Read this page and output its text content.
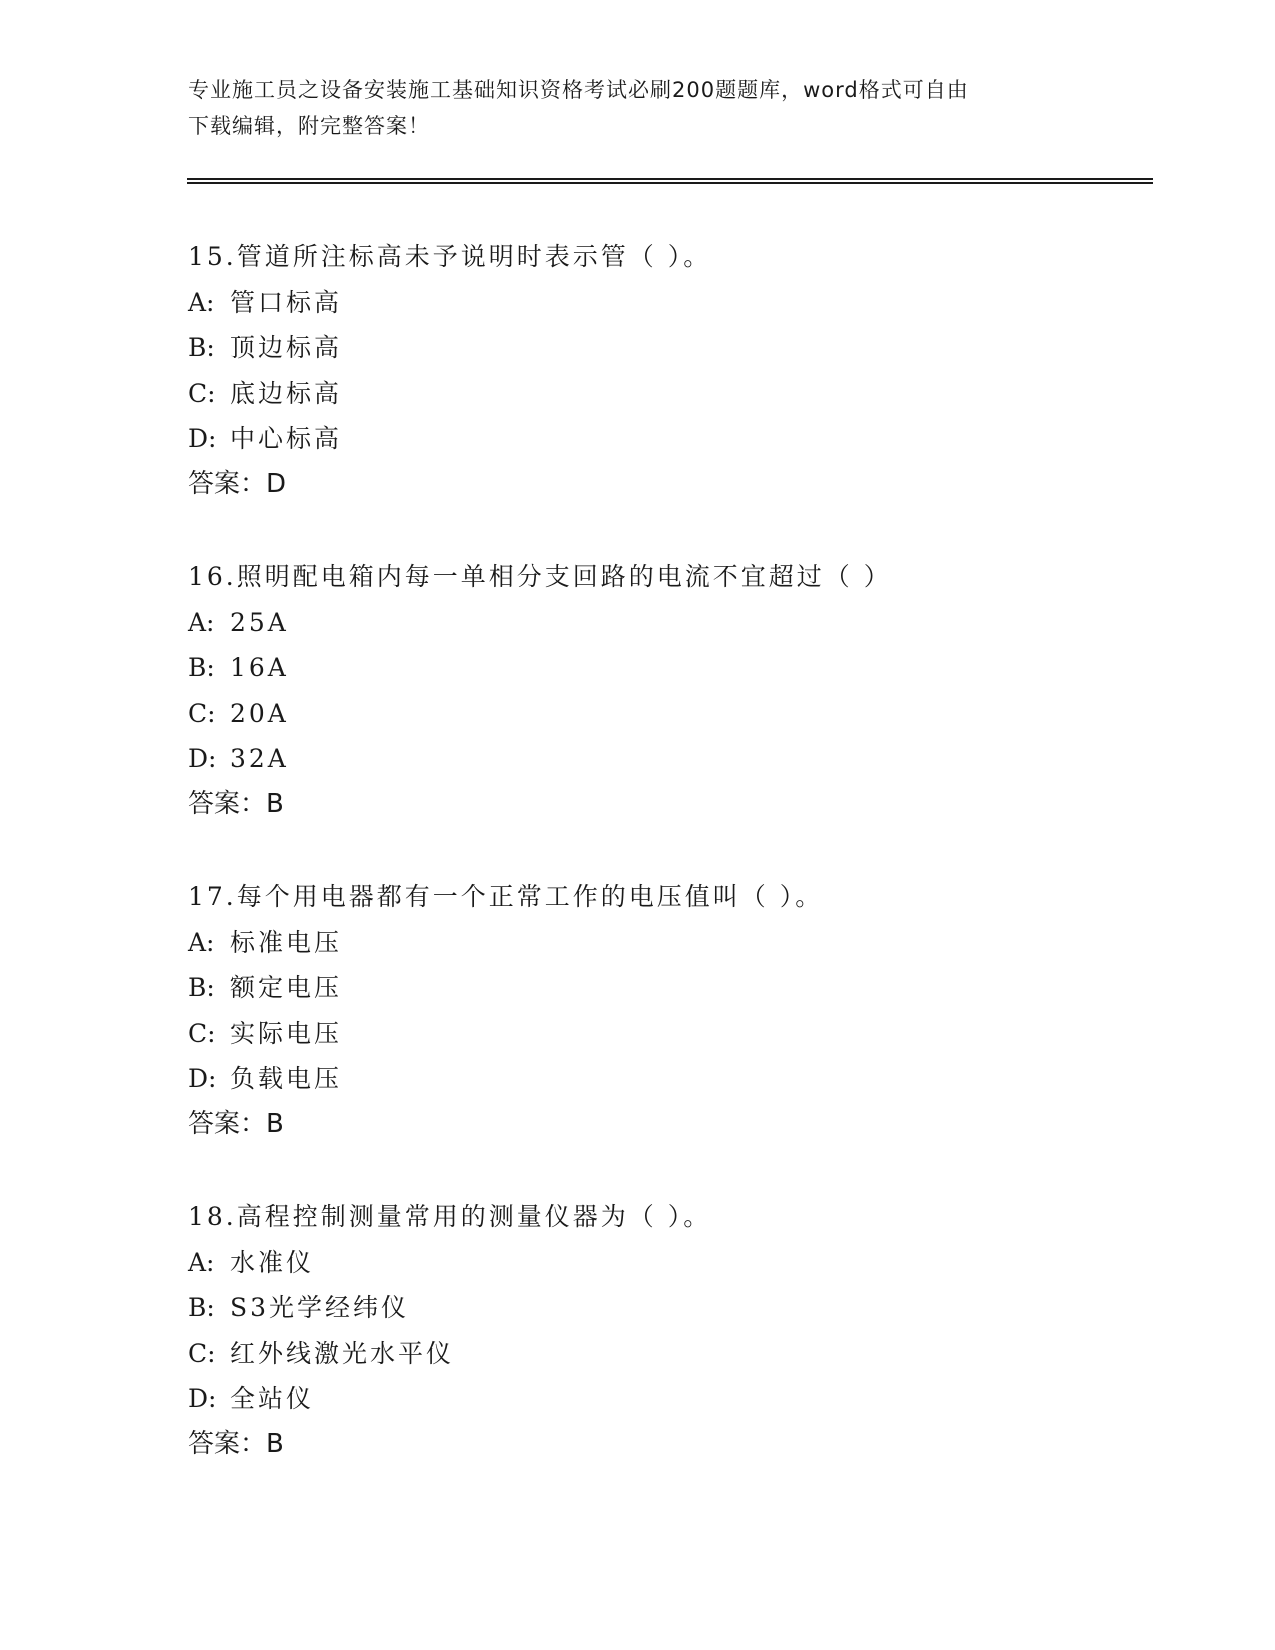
专业施工员之设备安装施工基础知识资格考试必刷200题题库，word格式可自由
下载编辑，附完整答案！
15.管道所注标高未予说明时表示管（ ）。
A: 管口标高
B: 顶边标高
C: 底边标高
D: 中心标高
答案：D
16.照明配电箱内每一单相分支回路的电流不宜超过（ ）
A: 25A
B: 16A
C: 20A
D: 32A
答案：B
17.每个用电器都有一个正常工作的电压值叫（ ）。
A: 标准电压
B: 额定电压
C: 实际电压
D: 负载电压
答案：B
18.高程控制测量常用的测量仪器为（ ）。
A: 水准仪
B: S3光学经纬仪
C: 红外线激光水平仪
D: 全站仪
答案：B
